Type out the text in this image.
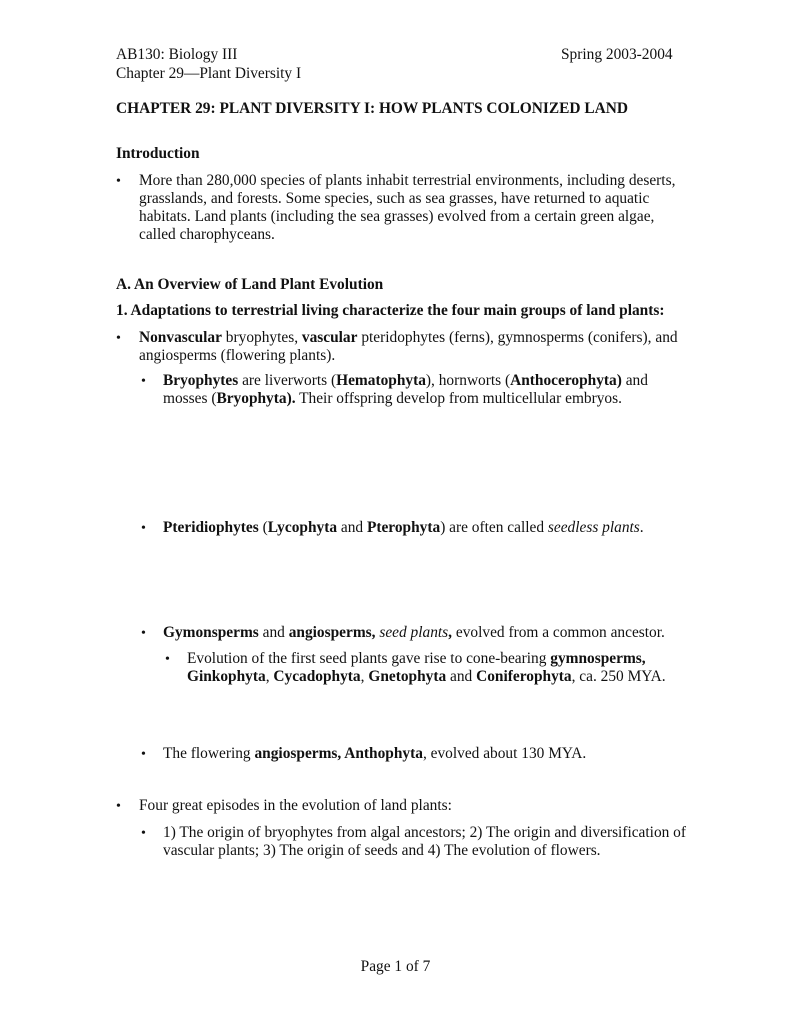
AB130: Biology III
Chapter 29—Plant Diversity I
Spring 2003-2004
CHAPTER 29: PLANT DIVERSITY I: HOW PLANTS COLONIZED LAND
Introduction
• More than 280,000 species of plants inhabit terrestrial environments, including deserts,
grasslands, and forests. Some species, such as sea grasses, have returned to aquatic
habitats. Land plants (including the sea grasses) evolved from a certain green algae,
called charophyceans.
A. An Overview of Land Plant Evolution
1. Adaptations to terrestrial living characterize the four main groups of land plants:
• Nonvascular bryophytes, vascular pteridophytes (ferns), gymnosperms (conifers), and
angiosperms (flowering plants).
• Bryophytes are liverworts (Hematophyta), hornworts (Anthocerophyta) and
mosses (Bryophyta). Their offspring develop from multicellular embryos.
• Pteridiophytes (Lycophyta and Pterophyta) are often called seedless plants.
• Gymonsperms and angiosperms, seed plants, evolved from a common ancestor.
• Evolution of the first seed plants gave rise to cone-bearing gymnosperms,
Ginkophyta, Cycadophyta, Gnetophyta and Coniferophyta, ca. 250 MYA.
• The flowering angiosperms, Anthophyta, evolved about 130 MYA.
• Four great episodes in the evolution of land plants:
• 1) The origin of bryophytes from algal ancestors; 2) The origin and diversification of
vascular plants; 3) The origin of seeds and 4) The evolution of flowers.
Page 1 of 7
